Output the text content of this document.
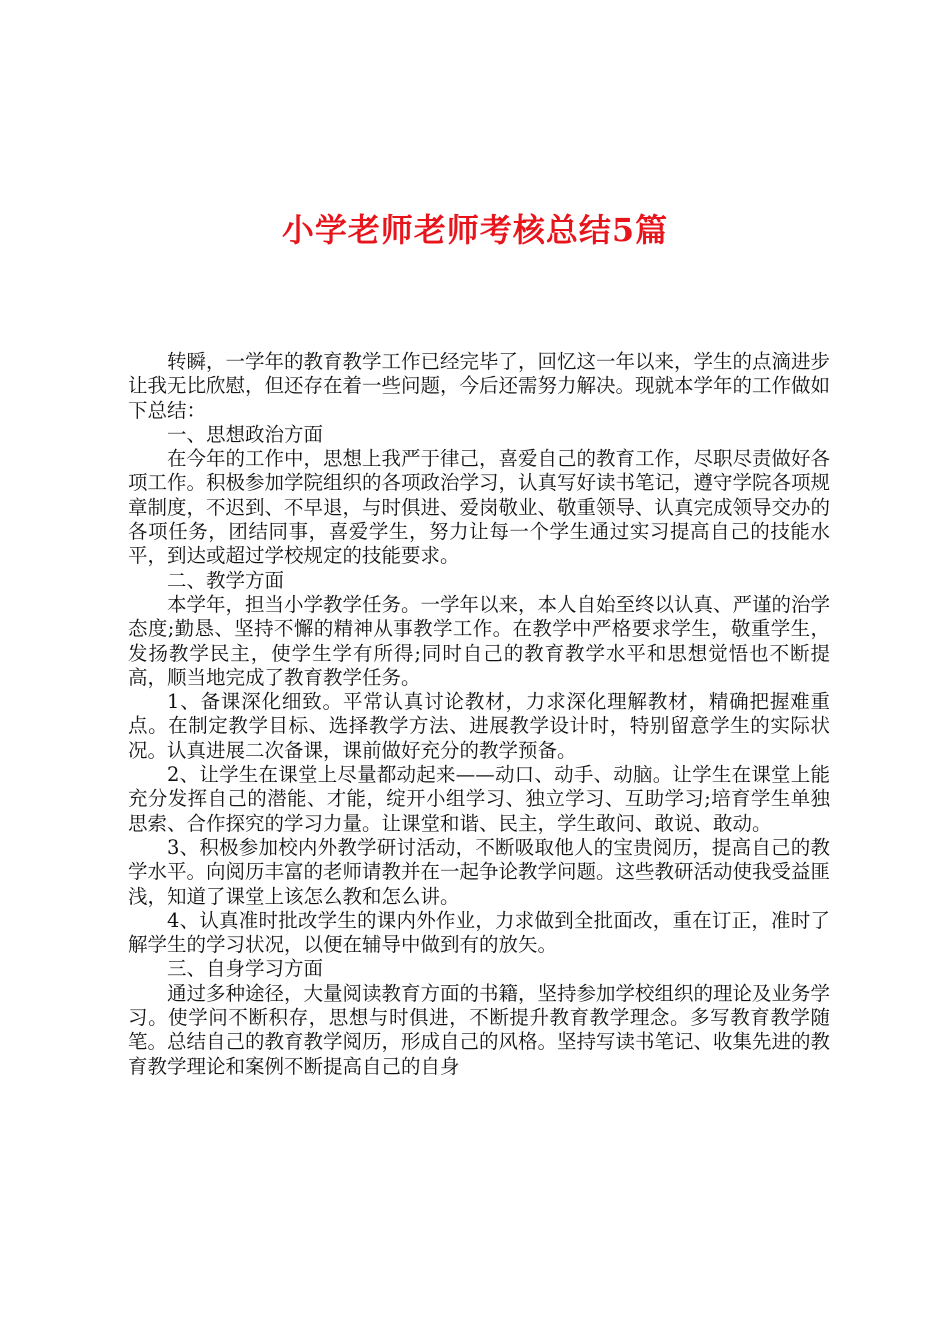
小学老师老师考核总结5篇

转瞬，一学年的教育教学工作已经完毕了，回忆这一年以来，学生的点滴进步让我无比欣慰，但还存在着一些问题，今后还需努力解决。现就本学年的工作做如下总结：

一、思想政治方面

在今年的工作中，思想上我严于律己，喜爱自己的教育工作，尽职尽责做好各项工作。积极参加学院组织的各项政治学习，认真写好读书笔记，遵守学院各项规章制度，不迟到、不早退，与时俱进、爱岗敬业、敬重领导、认真完成领导交办的各项任务，团结同事，喜爱学生，努力让每一个学生通过实习提高自己的技能水平，到达或超过学校规定的技能要求。

二、教学方面

本学年，担当小学教学任务。一学年以来，本人自始至终以认真、严谨的治学态度;勤恳、坚持不懈的精神从事教学工作。在教学中严格要求学生，敬重学生，发扬教学民主，使学生学有所得;同时自己的教育教学水平和思想觉悟也不断提高，顺当地完成了教育教学任务。

1、备课深化细致。平常认真讨论教材，力求深化理解教材，精确把握难重点。在制定教学目标、选择教学方法、进展教学设计时，特别留意学生的实际状况。认真进展二次备课，课前做好充分的教学预备。

2、让学生在课堂上尽量都动起来——动口、动手、动脑。让学生在课堂上能充分发挥自己的潜能、才能，绽开小组学习、独立学习、互助学习;培育学生单独思索、合作探究的学习力量。让课堂和谐、民主，学生敢问、敢说、敢动。

3、积极参加校内外教学研讨活动，不断吸取他人的宝贵阅历，提高自己的教学水平。向阅历丰富的老师请教并在一起争论教学问题。这些教研活动使我受益匪浅，知道了课堂上该怎么教和怎么讲。

4、认真准时批改学生的课内外作业，力求做到全批面改，重在订正，准时了解学生的学习状况，以便在辅导中做到有的放矢。

三、自身学习方面

通过多种途径，大量阅读教育方面的书籍，坚持参加学校组织的理论及业务学习。使学问不断积存，思想与时俱进，不断提升教育教学理念。多写教育教学随笔。总结自己的教育教学阅历，形成自己的风格。坚持写读书笔记、收集先进的教育教学理论和案例不断提高自己的自身
